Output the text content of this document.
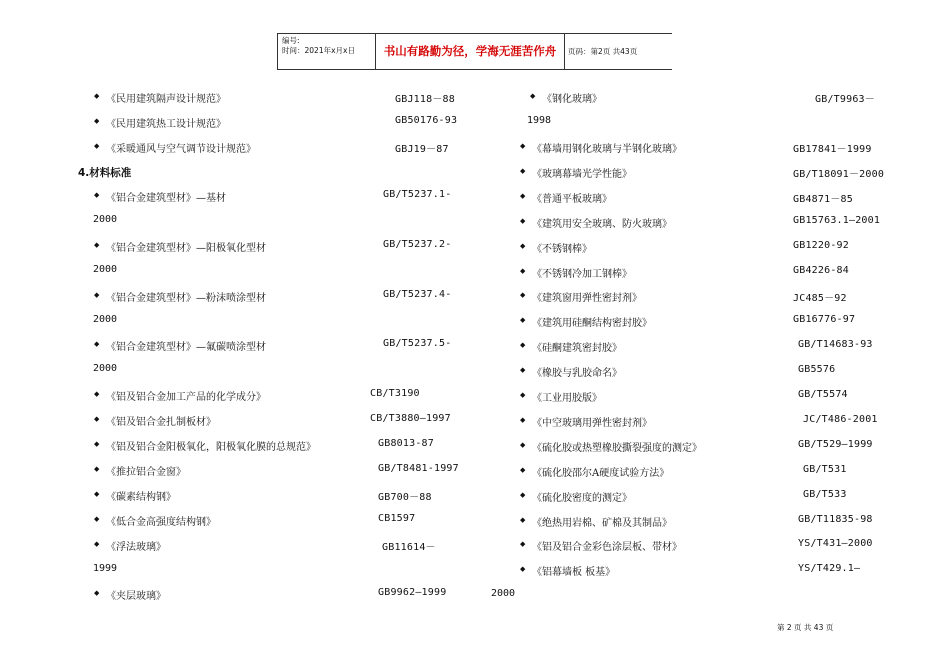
编号:
时间：2021年x月x日	书山有路勤为径，学海无涯苦作舟	页码：第2页 共43页
◆ 《民用建筑隔声设计规范》	GBJ118－88
◆ 《民用建筑热工设计规范》	GB50176-93
◆ 《采暖通风与空气调节设计规范》	GBJ19－87
4.材料标准
◆ 《铝合金建筑型材》—基材	GB/T5237.1-
2000
◆ 《铝合金建筑型材》—阳极氧化型材	GB/T5237.2-
2000
◆ 《铝合金建筑型材》—粉沫喷涂型材	GB/T5237.4-
2000
◆ 《铝合金建筑型材》—氟碳喷涂型材	GB/T5237.5-
2000
◆ 《铝及铝合金加工产品的化学成分》	CB/T3190
◆ 《铝及铝合金扎制板材》	CB/T3880—1997
◆ 《铝及铝合金阳极氧化，阳极氧化膜的总规范》	GB8013-87
◆ 《推拉铝合金窗》	GB/T8481-1997
◆ 《碳素结构钢》	GB700－88
◆ 《低合金高强度结构钢》	CB1597
◆ 《浮法玻璃》	GB11614－
1999
◆ 《夹层玻璃》	GB9962—1999	2000
◆ 《钢化玻璃》	GB/T9963－
1998
◆ 《幕墙用钢化玻璃与半钢化玻璃》	GB17841－1999
◆ 《玻璃幕墙光学性能》	GB/T18091－2000
◆ 《普通平板玻璃》	GB4871－85
◆ 《建筑用安全玻璃、防火玻璃》	GB15763.1—2001
◆ 《不锈钢棒》	GB1220-92
◆ 《不锈钢冷加工钢棒》	GB4226-84
◆ 《建筑窗用弹性密封剂》	JC485－92
◆ 《建筑用硅酮结构密封胶》	GB16776-97
◆ 《硅酮建筑密封胶》	GB/T14683-93
◆ 《橡胶与乳胶命名》	GB5576
◆ 《工业用胶版》	GB/T5574
◆ 《中空玻璃用弹性密封剂》	JC/T486-2001
◆ 《硫化胶或热塑橡胶撕裂强度的测定》	GB/T529—1999
◆ 《硫化胶邵尔A硬度试验方法》	GB/T531
◆ 《硫化胶密度的测定》	GB/T533
◆ 《绝热用岩棉、矿棉及其制品》	GB/T11835-98
◆ 《铝及铝合金彩色涂层板、带材》	YS/T431—2000
◆ 《铝幕墙板 板基》	YS/T429.1—
第 2 页 共 43 页
